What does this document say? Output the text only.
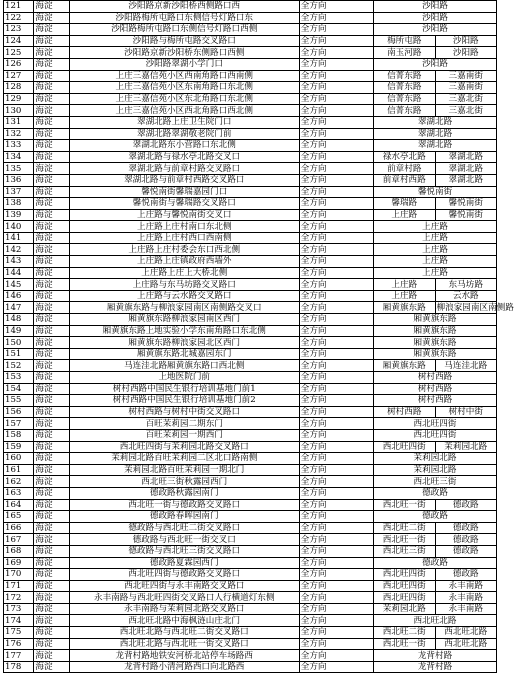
121	海淀	沙阳路京新沙阳桥西侧路口西	全方向	沙阳路	
122	海淀	沙阳路梅所屯路口东侧信号灯路口东	全方向	沙阳路	
123	海淀	沙阳路梅所屯路口东侧信号灯路口西侧	全方向	沙阳路	
124	海淀	沙阳路与梅所屯路交叉路口	全方向	梅所屯路	沙阳路
125	海淀	沙阳路京新沙阳桥东侧路口西侧	全方向	南玉河路	沙阳路
126	海淀	沙阳路翠湖小学门口	全方向	沙阳路	
127	海淀	上庄三嘉信苑小区西南角路口西南侧	全方向	信菁东路	三嘉南街
128	海淀	上庄三嘉信苑小区东南角路口东北侧	全方向	信菁东路	三嘉南街
129	海淀	上庄三嘉信苑小区东北角路口东北侧	全方向	信菁东路	三嘉北街
130	海淀	上庄三嘉信苑小区西北角路口西北侧	全方向	信菁东路	三嘉北街
131	海淀	翠湖北路上庄卫生院门口	全方向	翠湖北路	
132	海淀	翠湖北路翠湖敬老院门前	全方向	翠湖北路	
133	海淀	翠湖北路东小营路口东北侧	全方向	翠湖北路	
134	海淀	翠湖北路与禄水亭北路交叉口	全方向	禄水亭北路	翠湖北路
135	海淀	翠湖北路与前章村路交叉路口	全方向	前章村路	翠湖北路
136	海淀	翠湖北路与前章村西路交叉路口	全方向	前章村西路	翠湖北路
137	海淀	馨悦南街馨瑞嘉园门口	全方向	馨悦南街	
138	海淀	馨悦南街与馨瑞路交叉路口	全方向	馨瑞路	馨悦南街
139	海淀	上庄路与馨悦南街交叉口	全方向	上庄路	馨悦南街
140	海淀	上庄路上庄村南口东北侧	全方向	上庄路	
141	海淀	上庄路上庄村西口西南侧	全方向	上庄路	
142	海淀	上庄路上庄村委会东口西北侧	全方向	上庄路	
143	海淀	上庄路上庄镇政府西墙外	全方向	上庄路	
144	海淀	上庄路上庄上大桥北侧	全方向	上庄路	
145	海淀	上庄路与东马坊路交叉路口	全方向	上庄路	东马坊路
146	海淀	上庄路与云水路交叉路口	全方向	上庄路	云水路
147	海淀	厢黄旗东路与柳浪家园南区南侧路交叉口	全方向	厢黄旗东路	柳浪家园南区南侧路
148	海淀	厢黄旗东路柳浪家园南区西门	全方向	厢黄旗东路	
149	海淀	厢黄旗东路上地实验小学东南角路口东北侧	全方向	厢黄旗东路	
150	海淀	厢黄旗东路柳浪家园北区西门	全方向	厢黄旗东路	
151	海淀	厢黄旗东路北城嘉园东门	全方向	厢黄旗东路	
152	海淀	马连洼北路厢黄旗东路口西北侧	全方向	厢黄旗东路	马连洼北路
153	海淀	上地医院门前	全方向	树村西路	
154	海淀	树村西路中国民生银行培训基地门前1	全方向	树村西路	
155	海淀	树村西路中国民生银行培训基地门前2	全方向	树村西路	
156	海淀	树村西路与树村中街交叉路口	全方向	树村西路	树村中街
157	海淀	百旺茉莉园二期东门	全方向	西北旺四街	
158	海淀	百旺茉莉园一期西门	全方向	西北旺四街	
159	海淀	西北旺四街与茉莉园北路交叉路口	全方向	西北旺四街	茉莉园北路
160	海淀	茉莉园北路百旺茉莉园二区北口路南侧	全方向	茉莉园北路	
161	海淀	茉莉园北路百旺茉莉园一期北门	全方向	茉莉园北路	
162	海淀	西北旺三街秋露园西门	全方向	西北旺三街	
163	海淀	德政路秋露园南门	全方向	德政路	
164	海淀	西北旺一街与德政路交叉路口	全方向	西北旺一街	德政路
165	海淀	德政路春晖园南门	全方向	德政路	
166	海淀	德政路与西北旺二街交叉路口	全方向	西北旺二街	德政路
167	海淀	德政路与西北旺一街交叉口	全方向	西北旺一街	德政路
168	海淀	德政路与西北旺三街交叉路口	全方向	西北旺三街	德政路
169	海淀	德政路夏霖园西门	全方向	德政路	
170	海淀	西北旺四街与德政路交叉路口	全方向	西北旺四街	德政路
171	海淀	西北旺四街与永丰南路交叉路口	全方向	西北旺四街	永丰南路
172	海淀	永丰南路与西北旺四街交叉路口人行横道灯东侧	全方向	西北旺四街	永丰南路
173	海淀	永丰南路与茉莉园北路交叉路口	全方向	茉莉园北路	永丰南路
174	海淀	西北旺北路中海枫涟山庄北门	全方向	西北旺北路	
175	海淀	西北旺北路与西北旺二街交叉路口	全方向	西北旺二街	西北旺北路
176	海淀	西北旺北路与西北旺一街交叉路口	全方向	西北旺一街	西北旺北路
177	海淀	龙背村路地铁安河桥北站停车场路西	全方向	龙背村路	
178	海淀	龙背村路小清河路西口向北路西	全方向	龙背村路	
